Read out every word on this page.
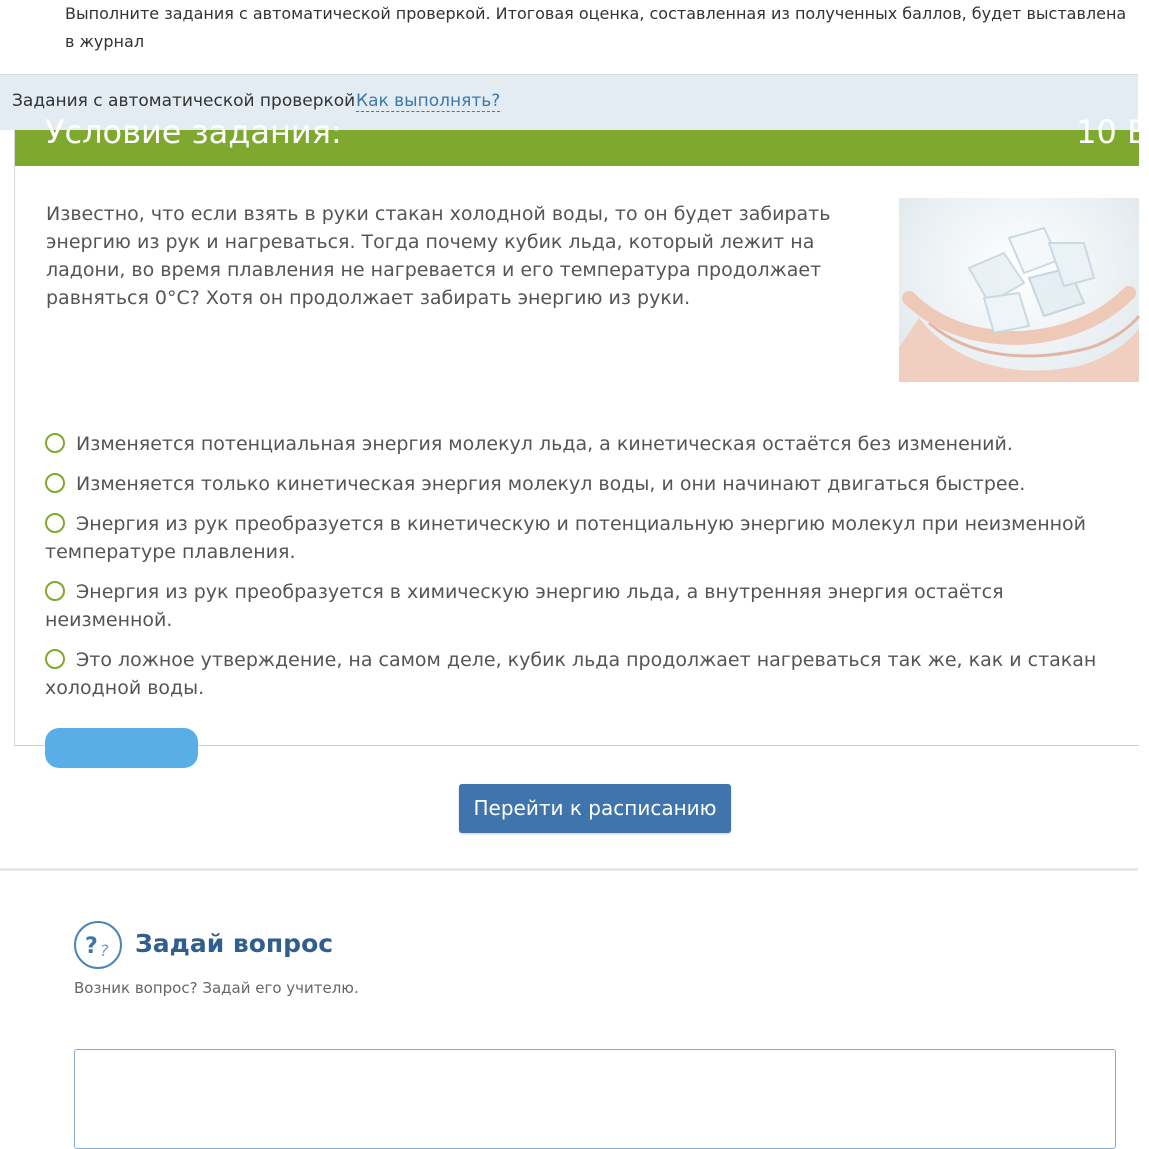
Выполните задания с автоматической проверкой. Итоговая оценка, составленная из полученных баллов, будет выставлена в журнал
Задания с автоматической проверкой Как выполнять?
Условие задания:	10 Б
Известно, что если взять в руки стакан холодной воды, то он будет забирать энергию из рук и нагреваться. Тогда почему кубик льда, который лежит на ладони, во время плавления не нагревается и его температура продолжает равняться 0°C? Хотя он продолжает забирать энергию из руки.
Изменяется потенциальная энергия молекул льда, а кинетическая остаётся без изменений.
Изменяется только кинетическая энергия молекул воды, и они начинают двигаться быстрее.
Энергия из рук преобразуется в кинетическую и потенциальную энергию молекул при неизменной температуре плавления.
Энергия из рук преобразуется в химическую энергию льда, а внутренняя энергия остаётся неизменной.
Это ложное утверждение, на самом деле, кубик льда продолжает нагреваться так же, как и стакан холодной воды.
Перейти к расписанию
? ? Задай вопрос
Возник вопрос? Задай его учителю.
